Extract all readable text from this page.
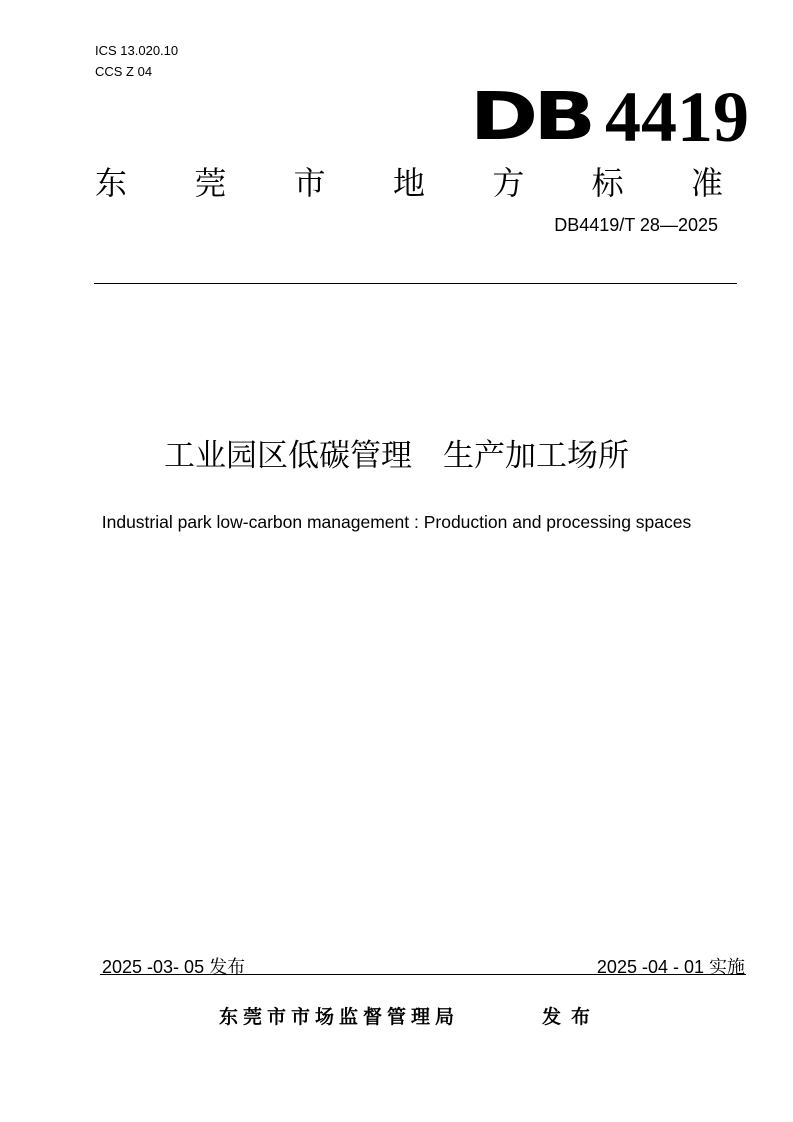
ICS 13.020.10
CCS Z 04
DB 4419
东 莞 市 地 方 标 准
DB4419/T 28—2025
工业园区低碳管理　生产加工场所
Industrial park low-carbon management : Production and processing spaces
2025 -03- 05 发布	2025 -04 - 01 实施
东莞市市场监督管理局	发布
